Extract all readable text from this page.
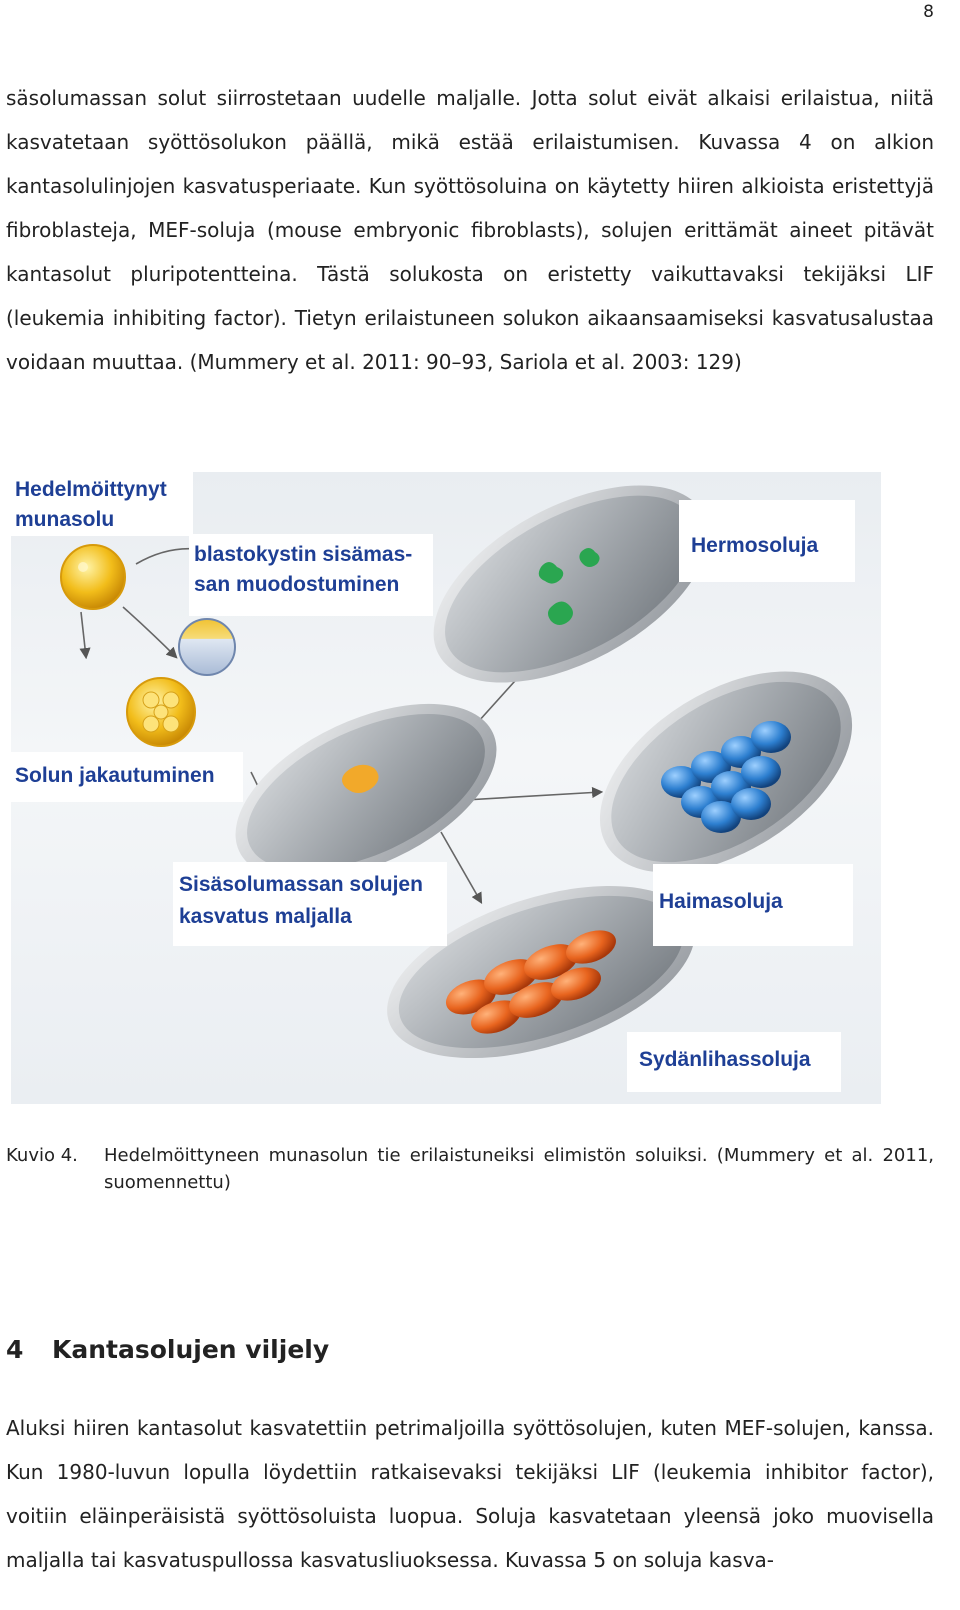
8

säsolumassan solut siirrostetaan uudelle maljalle. Jotta solut eivät alkaisi erilaistua, niitä kasvatetaan syöttösolukon päällä, mikä estää erilaistumisen. Kuvassa 4 on alkion kantasolulinjojen kasvatusperiaate. Kun syöttösoluina on käytetty hiiren alkioista eristettyjä fibroblasteja, MEF-soluja (mouse embryonic fibroblasts), solujen erittämät aineet pitävät kantasolut pluripotentteina. Tästä solukosta on eristetty vaikuttavaksi tekijäksi LIF (leukemia inhibiting factor). Tietyn erilaistuneen solukon aikaansaamiseksi kasvatusalustaa voidaan muuttaa. (Mummery et al. 2011: 90–93, Sariola et al. 2003: 129)

Hedelmöittynyt
munasolu
blastokystin sisämas-
san muodostuminen
Hermosoluja
Solun jakautuminen
Sisäsolumassan solujen
kasvatus maljalla
Haimasoluja
Sydänlihassoluja
Kuvio 4. Hedelmöittyneen munasolun tie erilaistuneiksi elimistön soluiksi. (Mummery et al. 2011, suomennettu)
4 Kantasolujen viljely

Aluksi hiiren kantasolut kasvatettiin petrimaljoilla syöttösolujen, kuten MEF-solujen, kanssa. Kun 1980-luvun lopulla löydettiin ratkaisevaksi tekijäksi LIF (leukemia inhibitor factor), voitiin eläinperäisistä syöttösoluista luopua. Soluja kasvatetaan yleensä joko muovisella maljalla tai kasvatuspullossa kasvatusliuoksessa. Kuvassa 5 on soluja kasva-
